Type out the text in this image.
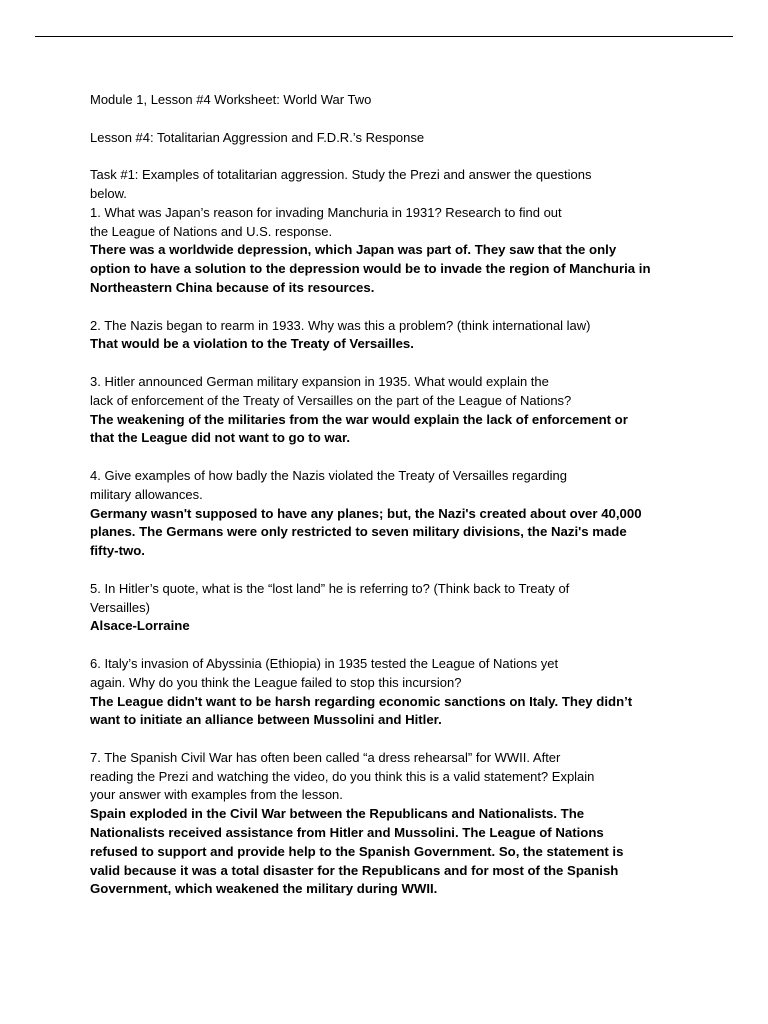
Module 1, Lesson #4 Worksheet: World War Two
Lesson #4: Totalitarian Aggression and F.D.R.’s Response
Task #1: Examples of totalitarian aggression. Study the Prezi and answer the questions
below.
1. What was Japan’s reason for invading Manchuria in 1931? Research to find out
the League of Nations and U.S. response.
There was a worldwide depression, which Japan was part of. They saw that the only
option to have a solution to the depression would be to invade the region of Manchuria in
Northeastern China because of its resources.
2. The Nazis began to rearm in 1933. Why was this a problem? (think international law)
That would be a violation to the Treaty of Versailles.
3. Hitler announced German military expansion in 1935. What would explain the
lack of enforcement of the Treaty of Versailles on the part of the League of Nations?
The weakening of the militaries from the war would explain the lack of enforcement or
that the League did not want to go to war.
4. Give examples of how badly the Nazis violated the Treaty of Versailles regarding
military allowances.
Germany wasn't supposed to have any planes; but, the Nazi's created about over 40,000
planes. The Germans were only restricted to seven military divisions, the Nazi's made
fifty-two.
5. In Hitler’s quote, what is the “lost land” he is referring to? (Think back to Treaty of
Versailles)
Alsace-Lorraine
6. Italy’s invasion of Abyssinia (Ethiopia) in 1935 tested the League of Nations yet
again. Why do you think the League failed to stop this incursion?
The League didn't want to be harsh regarding economic sanctions on Italy. They didn’t
want to initiate an alliance between Mussolini and Hitler.
7. The Spanish Civil War has often been called “a dress rehearsal” for WWII. After
reading the Prezi and watching the video, do you think this is a valid statement? Explain
your answer with examples from the lesson.
Spain exploded in the Civil War between the Republicans and Nationalists. The
Nationalists received assistance from Hitler and Mussolini. The League of Nations
refused to support and provide help to the Spanish Government. So, the statement is
valid because it was a total disaster for the Republicans and for most of the Spanish
Government, which weakened the military during WWII.
